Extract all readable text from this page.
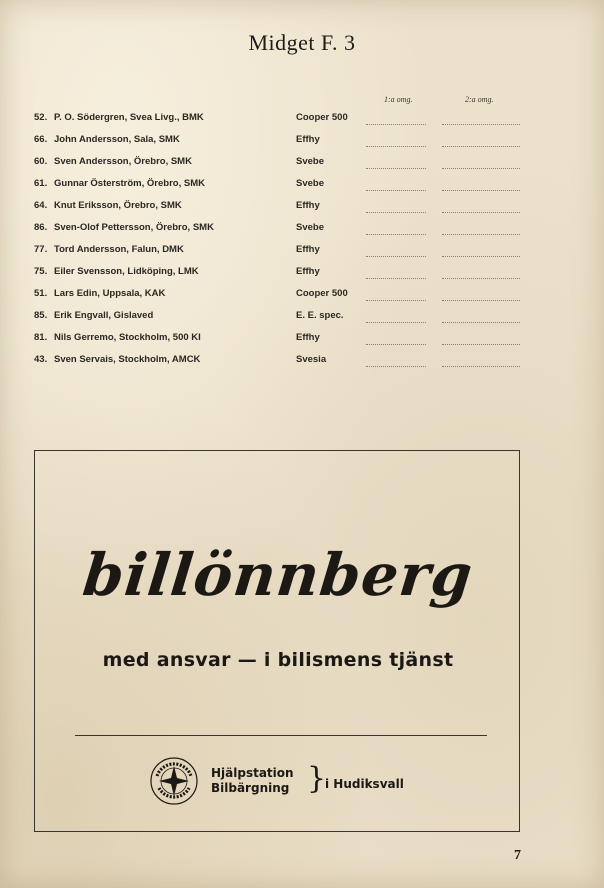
Midget F. 3
1:a omg.	2:a omg.
52. P. O. Södergren, Svea Livg., BMK	Cooper 500
66. John Andersson, Sala, SMK	Effhy
60. Sven Andersson, Örebro, SMK	Svebe
61. Gunnar Österström, Örebro, SMK	Svebe
64. Knut Eriksson, Örebro, SMK	Effhy
86. Sven-Olof Pettersson, Örebro, SMK	Svebe
77. Tord Andersson, Falun, DMK	Effhy
75. Eiler Svensson, Lidköping, LMK	Effhy
51. Lars Edin, Uppsala, KAK	Cooper 500
85. Erik Engvall, Gislaved	E. E. spec.
81. Nils Gerremo, Stockholm, 500 KI	Effhy
43. Sven Servais, Stockholm, AMCK	Svesia
billönnberg
med ansvar — i bilismens tjänst
Hjälpstation
Bilbärgning }
i Hudiksvall
7
